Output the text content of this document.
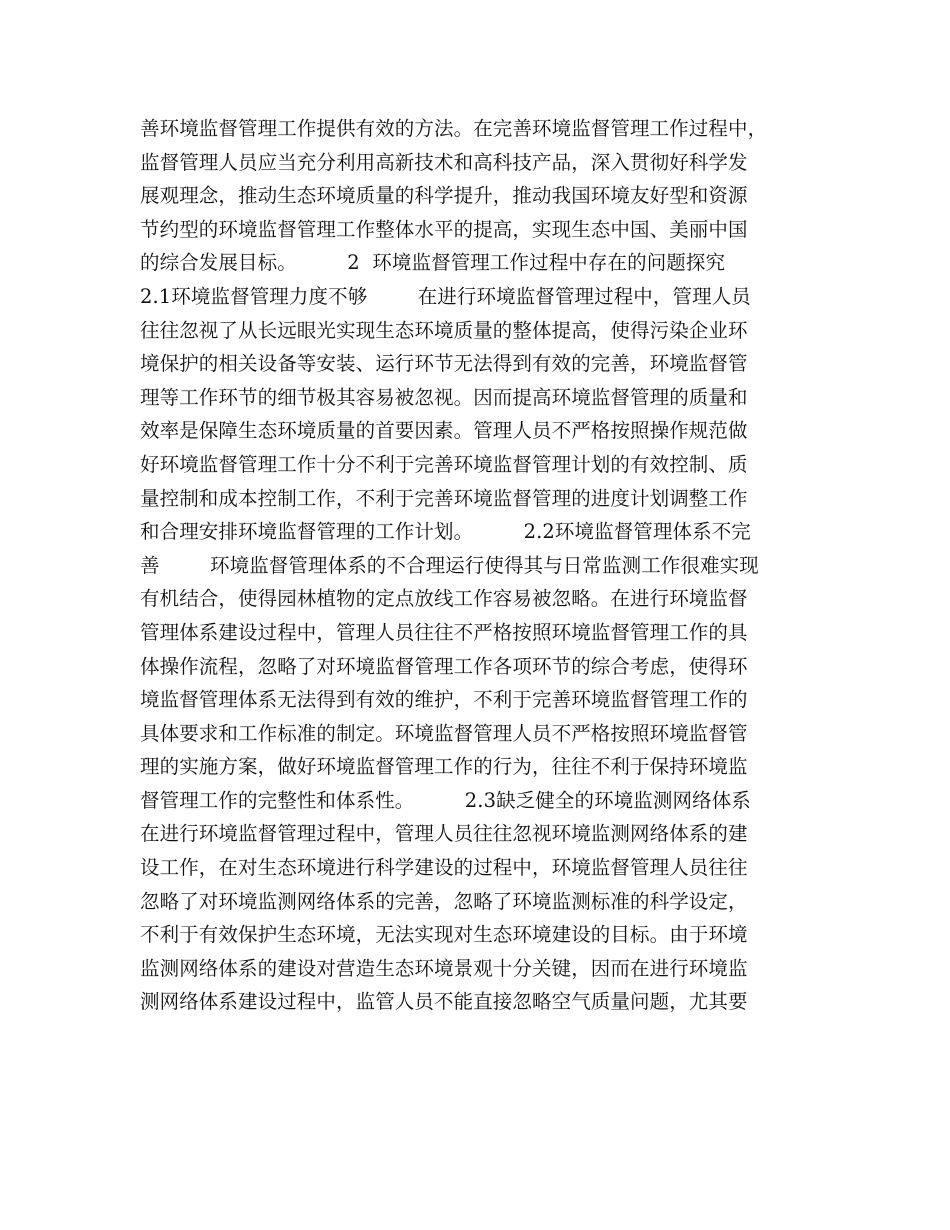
善环境监督管理工作提供有效的方法。在完善环境监督管理工作过程中，
监督管理人员应当充分利用高新技术和高科技产品，深入贯彻好科学发
展观理念，推动生态环境质量的科学提升，推动我国环境友好型和资源
节约型的环境监督管理工作整体水平的提高，实现生态中国、美丽中国
的综合发展目标。        2  环境监督管理工作过程中存在的问题探究
2.1环境监督管理力度不够        在进行环境监督管理过程中，管理人员
往往忽视了从长远眼光实现生态环境质量的整体提高，使得污染企业环
境保护的相关设备等安装、运行环节无法得到有效的完善，环境监督管
理等工作环节的细节极其容易被忽视。因而提高环境监督管理的质量和
效率是保障生态环境质量的首要因素。管理人员不严格按照操作规范做
好环境监督管理工作十分不利于完善环境监督管理计划的有效控制、质
量控制和成本控制工作，不利于完善环境监督管理的进度计划调整工作
和合理安排环境监督管理的工作计划。        2.2环境监督管理体系不完
善        环境监督管理体系的不合理运行使得其与日常监测工作很难实现
有机结合，使得园林植物的定点放线工作容易被忽略。在进行环境监督
管理体系建设过程中，管理人员往往不严格按照环境监督管理工作的具
体操作流程，忽略了对环境监督管理工作各项环节的综合考虑，使得环
境监督管理体系无法得到有效的维护，不利于完善环境监督管理工作的
具体要求和工作标准的制定。环境监督管理人员不严格按照环境监督管
理的实施方案，做好环境监督管理工作的行为，往往不利于保持环境监
督管理工作的完整性和体系性。        2.3缺乏健全的环境监测网络体系
在进行环境监督管理过程中，管理人员往往忽视环境监测网络体系的建
设工作，在对生态环境进行科学建设的过程中，环境监督管理人员往往
忽略了对环境监测网络体系的完善，忽略了环境监测标准的科学设定，
不利于有效保护生态环境，无法实现对生态环境建设的目标。由于环境
监测网络体系的建设对营造生态环境景观十分关键，因而在进行环境监
测网络体系建设过程中，监管人员不能直接忽略空气质量问题，尤其要
